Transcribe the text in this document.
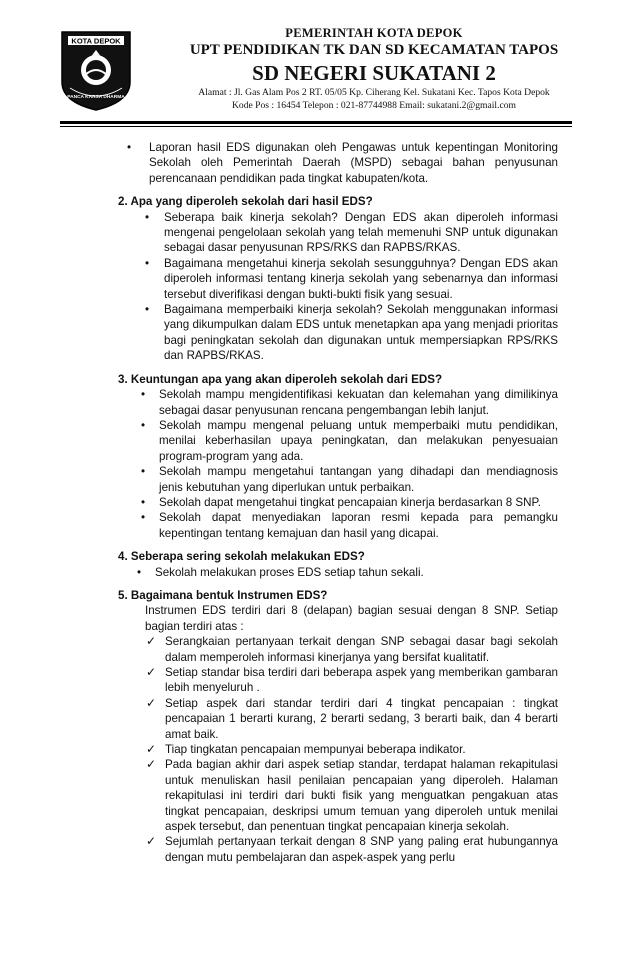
KOTA DEPOK
PANCA KARSA DHARMA
PEMERINTAH KOTA DEPOK
UPT PENDIDIKAN TK DAN SD KECAMATAN TAPOS
SD NEGERI SUKATANI 2
Alamat : Jl. Gas Alam Pos 2 RT. 05/05 Kp. Ciherang Kel. Sukatani Kec. Tapos Kota Depok
Kode Pos : 16454 Telepon : 021-87744988 Email: sukatani.2@gmail.com
• Laporan hasil EDS digunakan oleh Pengawas untuk kepentingan Monitoring Sekolah oleh Pemerintah Daerah (MSPD) sebagai bahan penyusunan perencanaan pendidikan pada tingkat kabupaten/kota.

2. Apa yang diperoleh sekolah dari hasil EDS?

• Seberapa baik kinerja sekolah? Dengan EDS akan diperoleh informasi mengenai pengelolaan sekolah yang telah memenuhi SNP untuk digunakan sebagai dasar penyusunan RPS/RKS dan RAPBS/RKAS.
• Bagaimana mengetahui kinerja sekolah sesungguhnya? Dengan EDS akan diperoleh informasi tentang kinerja sekolah yang sebenarnya dan informasi tersebut diverifikasi dengan bukti-bukti fisik yang sesuai.
• Bagaimana memperbaiki kinerja sekolah? Sekolah menggunakan informasi yang dikumpulkan dalam EDS untuk menetapkan apa yang menjadi prioritas bagi peningkatan sekolah dan digunakan untuk mempersiapkan RPS/RKS dan RAPBS/RKAS.

3. Keuntungan apa yang akan diperoleh sekolah dari EDS?

• Sekolah mampu mengidentifikasi kekuatan dan kelemahan yang dimilikinya sebagai dasar penyusunan rencana pengembangan lebih lanjut.
• Sekolah mampu mengenal peluang untuk memperbaiki mutu pendidikan, menilai keberhasilan upaya peningkatan, dan melakukan penyesuaian program-program yang ada.
• Sekolah mampu mengetahui tantangan yang dihadapi dan mendiagnosis jenis kebutuhan yang diperlukan untuk perbaikan.
• Sekolah dapat mengetahui tingkat pencapaian kinerja berdasarkan 8 SNP.
• Sekolah dapat menyediakan laporan resmi kepada para pemangku kepentingan tentang kemajuan dan hasil yang dicapai.

4. Seberapa sering sekolah melakukan EDS?

• Sekolah melakukan proses EDS setiap tahun sekali.

5. Bagaimana bentuk Instrumen EDS?

Instrumen EDS terdiri dari 8 (delapan) bagian sesuai dengan 8 SNP. Setiap bagian terdiri atas :

✓ Serangkaian pertanyaan terkait dengan SNP sebagai dasar bagi sekolah dalam memperoleh informasi kinerjanya yang bersifat kualitatif.
✓ Setiap standar bisa terdiri dari beberapa aspek yang memberikan gambaran lebih menyeluruh .
✓ Setiap aspek dari standar terdiri dari 4 tingkat pencapaian : tingkat pencapaian 1 berarti kurang, 2 berarti sedang, 3 berarti baik, dan 4 berarti amat baik.
✓ Tiap tingkatan pencapaian mempunyai beberapa indikator.
✓ Pada bagian akhir dari aspek setiap standar, terdapat halaman rekapitulasi untuk menuliskan hasil penilaian pencapaian yang diperoleh. Halaman rekapitulasi ini terdiri dari bukti fisik yang menguatkan pengakuan atas tingkat pencapaian, deskripsi umum temuan yang diperoleh untuk menilai aspek tersebut, dan penentuan tingkat pencapaian kinerja sekolah.
✓ Sejumlah pertanyaan terkait dengan 8 SNP yang paling erat hubungannya dengan mutu pembelajaran dan aspek-aspek yang perlu
